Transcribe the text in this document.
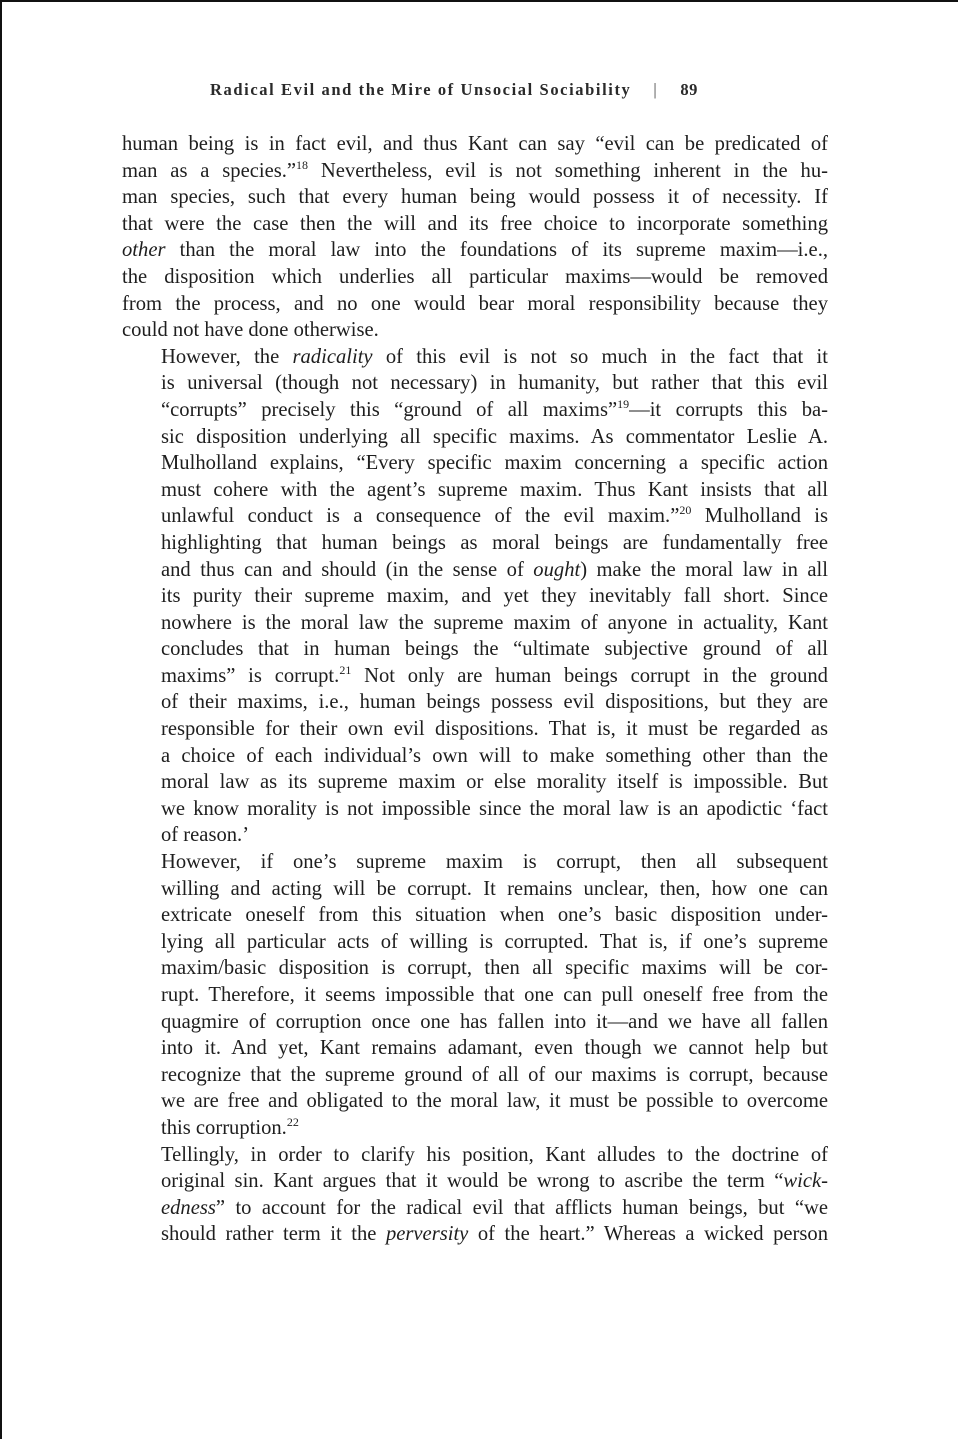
Radical Evil and the Mire of Unsocial Sociability | 89

human being is in fact evil, and thus Kant can say “evil can be predicated of
man as a species.”$^{18}$ Nevertheless, evil is not something inherent in the hu-
man species, such that every human being would possess it of necessity. If
that were the case then the will and its free choice to incorporate something
other than the moral law into the foundations of its supreme maxim—i.e.,
the disposition which underlies all particular maxims—would be removed
from the process, and no one would bear moral responsibility because they
could not have done otherwise.

However, the radicality of this evil is not so much in the fact that it
is universal (though not necessary) in humanity, but rather that this evil
“corrupts” precisely this “ground of all maxims”$^{19}$—it corrupts this ba-
sic disposition underlying all specific maxims. As commentator Leslie A.
Mulholland explains, “Every specific maxim concerning a specific action
must cohere with the agent’s supreme maxim. Thus Kant insists that all
unlawful conduct is a consequence of the evil maxim.”$^{20}$ Mulholland is
highlighting that human beings as moral beings are fundamentally free
and thus can and should (in the sense of ought) make the moral law in all
its purity their supreme maxim, and yet they inevitably fall short. Since
nowhere is the moral law the supreme maxim of anyone in actuality, Kant
concludes that in human beings the “ultimate subjective ground of all
maxims” is corrupt.$^{21}$ Not only are human beings corrupt in the ground
of their maxims, i.e., human beings possess evil dispositions, but they are
responsible for their own evil dispositions. That is, it must be regarded as
a choice of each individual’s own will to make something other than the
moral law as its supreme maxim or else morality itself is impossible. But
we know morality is not impossible since the moral law is an apodictic ‘fact
of reason.’

However, if one’s supreme maxim is corrupt, then all subsequent
willing and acting will be corrupt. It remains unclear, then, how one can
extricate oneself from this situation when one’s basic disposition under-
lying all particular acts of willing is corrupted. That is, if one’s supreme
maxim/basic disposition is corrupt, then all specific maxims will be cor-
rupt. Therefore, it seems impossible that one can pull oneself free from the
quagmire of corruption once one has fallen into it—and we have all fallen
into it. And yet, Kant remains adamant, even though we cannot help but
recognize that the supreme ground of all of our maxims is corrupt, because
we are free and obligated to the moral law, it must be possible to overcome
this corruption.$^{22}$

Tellingly, in order to clarify his position, Kant alludes to the doctrine of
original sin. Kant argues that it would be wrong to ascribe the term “wick-
edness” to account for the radical evil that afflicts human beings, but “we
should rather term it the perversity of the heart.” Whereas a wicked person
